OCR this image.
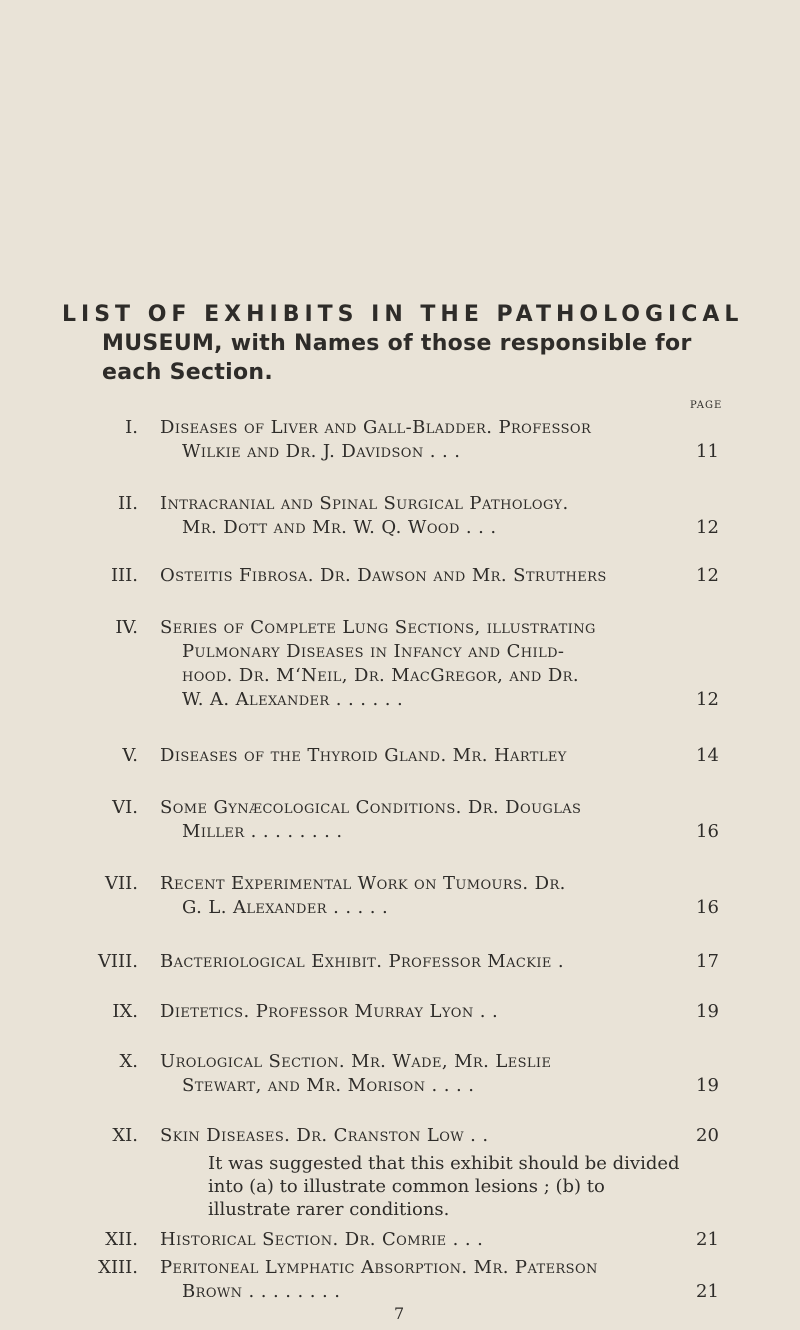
LIST OF EXHIBITS IN THE PATHOLOGICAL
MUSEUM, with Names of those responsible for
each Section.
PAGE
I. Diseases of Liver and Gall-Bladder. Professor
Wilkie and Dr. J. Davidson . . .	11
II. Intracranial and Spinal Surgical Pathology.
Mr. Dott and Mr. W. Q. Wood . . .	12
III. Osteitis Fibrosa. Dr. Dawson and Mr. Struthers	12
IV. Series of Complete Lung Sections, illustrating
Pulmonary Diseases in Infancy and Child-
hood. Dr. M‘Neil, Dr. MacGregor, and Dr.
W. A. Alexander . . . . . .	12
V. Diseases of the Thyroid Gland. Mr. Hartley	14
VI. Some Gynæcological Conditions. Dr. Douglas
Miller . . . . . . . .	16
VII. Recent Experimental Work on Tumours. Dr.
G. L. Alexander . . . . .	16
VIII. Bacteriological Exhibit. Professor Mackie .	17
IX. Dietetics. Professor Murray Lyon . .	19
X. Urological Section. Mr. Wade, Mr. Leslie
Stewart, and Mr. Morison . . . .	19
XI. Skin Diseases. Dr. Cranston Low . .	20
It was suggested that this exhibit should be divided into (a) to illustrate common lesions ; (b) to illustrate rarer conditions.
XII. Historical Section. Dr. Comrie . . .	21
XIII. Peritoneal Lymphatic Absorption. Mr. Paterson
Brown . . . . . . . .	21
7
